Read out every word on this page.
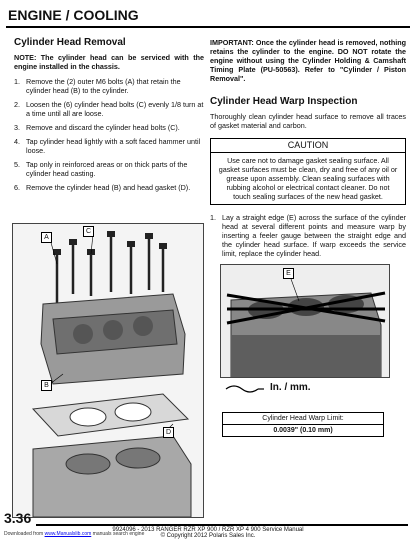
ENGINE / COOLING
Cylinder Head Removal
NOTE: The cylinder head can be serviced with the engine installed in the chassis.
1. Remove the (2) outer M6 bolts (A) that retain the cylinder head (B) to the cylinder.
2. Loosen the (6) cylinder head bolts (C) evenly 1/8 turn at a time until all are loose.
3. Remove and discard the cylinder head bolts (C).
4. Tap cylinder head lightly with a soft faced hammer until loose.
5. Tap only in reinforced areas or on thick parts of the cylinder head casting.
6. Remove the cylinder head (B) and head gasket (D).
A
C
B
D
IMPORTANT: Once the cylinder head is removed, nothing retains the cylinder to the engine. DO NOT rotate the engine without using the Cylinder Holding & Camshaft Timing Plate (PU-50563). Refer to "Cylinder / Piston Removal".
Cylinder Head Warp Inspection
Thoroughly clean cylinder head surface to remove all traces of gasket material and carbon.
CAUTION
Use care not to damage gasket sealing surface. All gasket surfaces must be clean, dry and free of any oil or grease upon assembly. Clean sealing surfaces with rubbing alcohol or electrical contact cleaner. Do not touch sealing surfaces of the new head gasket.
1. Lay a straight edge (E) across the surface of the cylinder head at several different points and measure warp by inserting a feeler gauge between the straight edge and the cylinder head surface. If warp exceeds the service limit, replace the cylinder head.
E
In. / mm.
Cylinder Head Warp Limit:
0.0039" (0.10 mm)
3.36
9924096 - 2013 RANGER RZR XP 900 / RZR XP 4 900 Service Manual
© Copyright 2012 Polaris Sales Inc.
Downloaded from www.Manualslib.com manuals search engine
